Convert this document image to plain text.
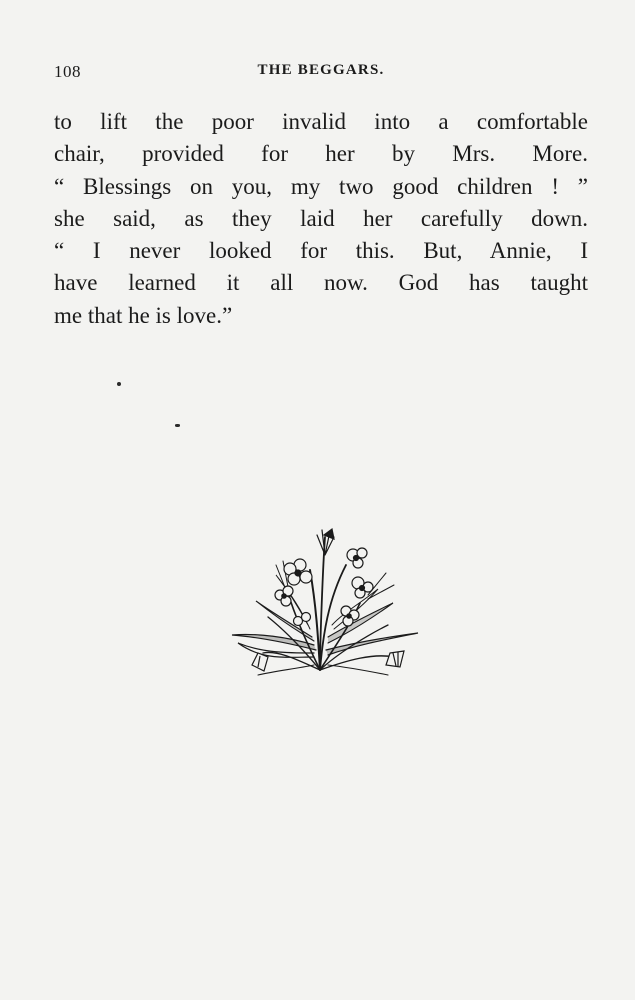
108	THE BEGGARS.
to lift the poor invalid into a comfortable
chair, provided for her by Mrs. More.
“ Blessings on you, my two good children ! ”
she said, as they laid her carefully down.
“ I never looked for this. But, Annie, I
have learned it all now. God has taught
me that he is love.”
